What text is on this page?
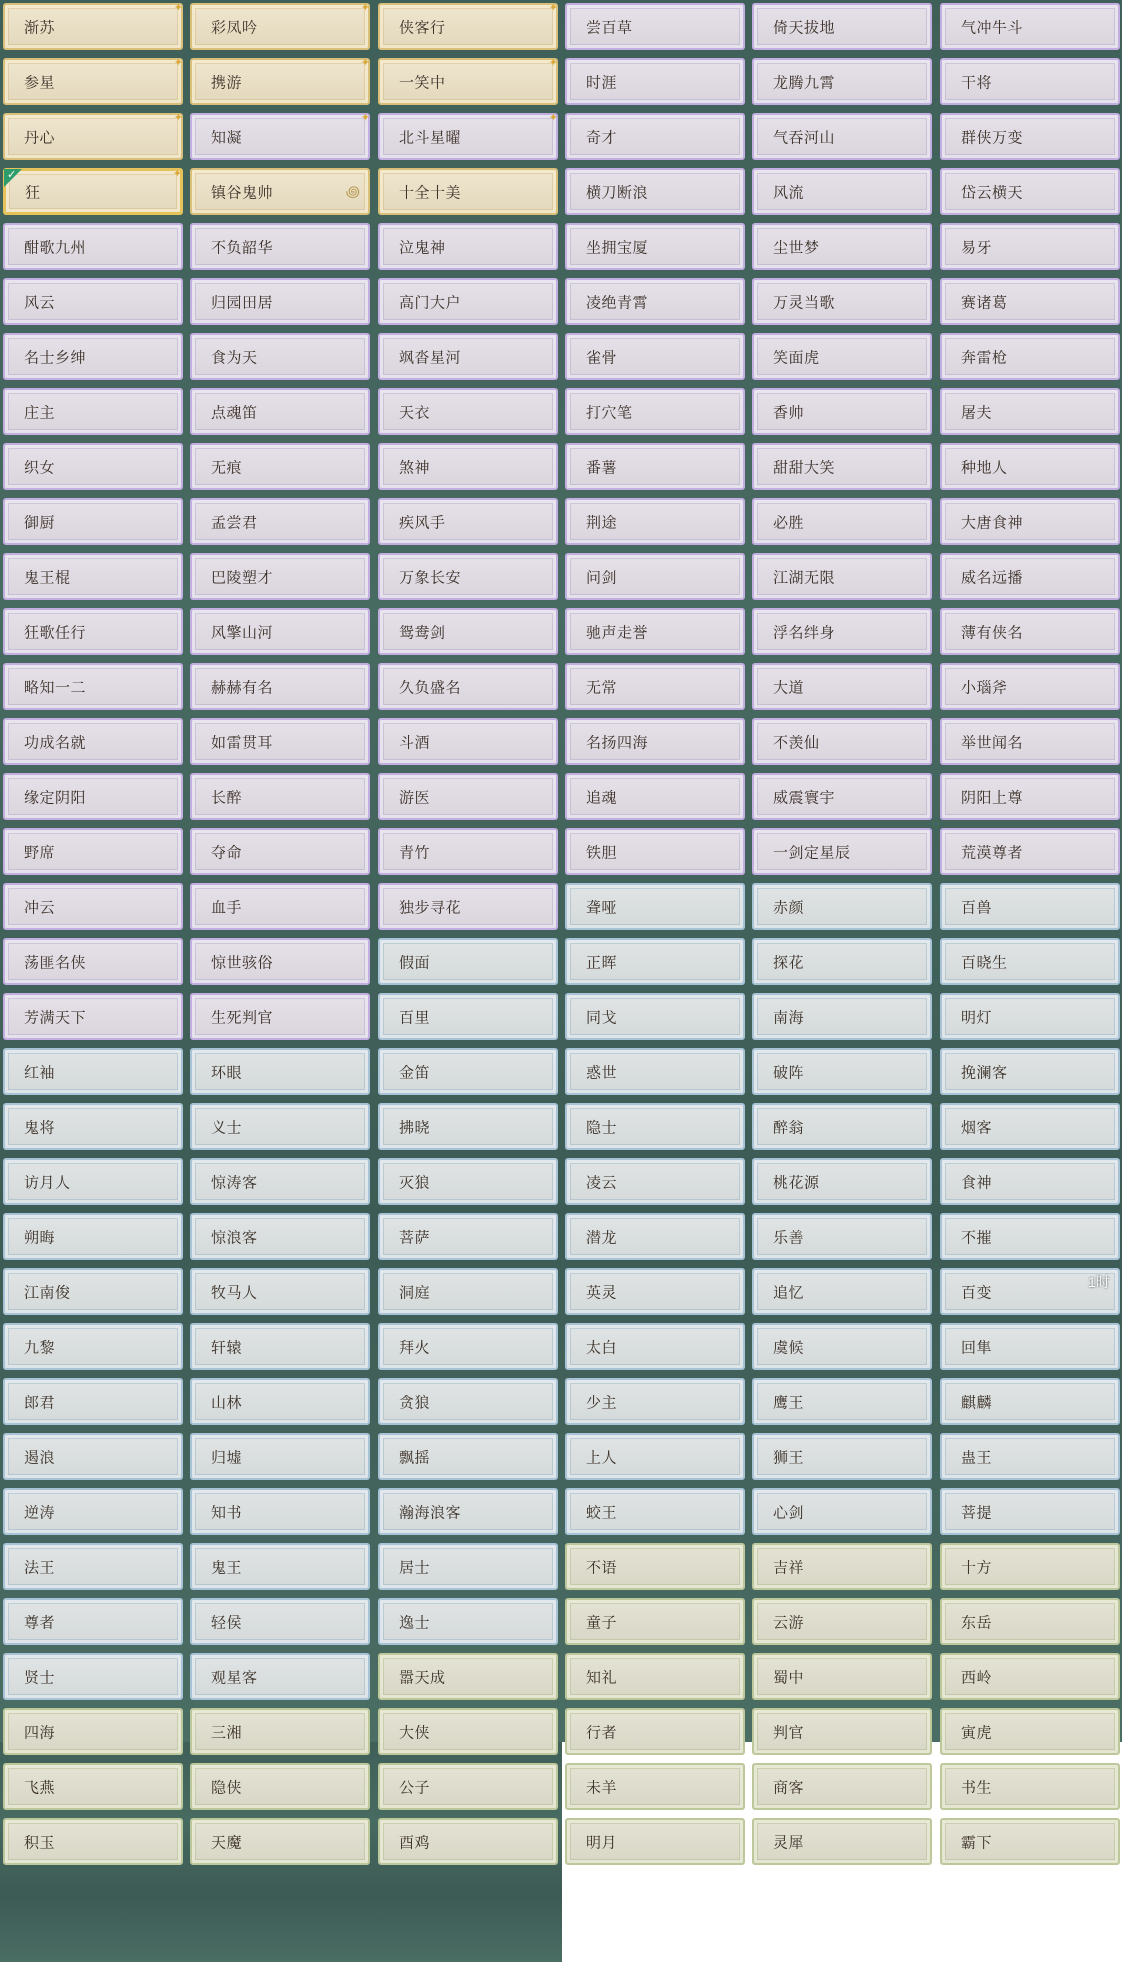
渐苏
✦
彩凤吟
✦
侠客行
✦
尝百草	倚天拔地	气冲牛斗
参星
✦
携游
✦
一笑中
✦
时涯	龙腾九霄	干将
丹心
✦
知凝
✦
北斗星曜
✦
奇才	气吞河山	群侠万变
狂
✦
✓
镇谷鬼帅	꩜	十全十美	横刀断浪	风流	岱云横天
酣歌九州	不负韶华	泣鬼神	坐拥宝厦	尘世梦	易牙
风云	归园田居	高门大户	凌绝青霄	万灵当歌	赛诸葛
名士乡绅	食为天	飒沓星河	雀骨	笑面虎	奔雷枪
庄主	点魂笛	天衣	打穴笔	香帅	屠夫
织女	无痕	煞神	番薯	甜甜大笑	种地人
御厨	孟尝君	疾风手	荆途	必胜	大唐食神
鬼王棍	巴陵塑才	万象长安	问剑	江湖无限	威名远播
狂歌任行	风擎山河	鸳鸯剑	驰声走誉	浮名绊身	薄有侠名
略知一二	赫赫有名	久负盛名	无常	大道	小瑙斧
功成名就	如雷贯耳	斗酒	名扬四海	不羡仙	举世闻名
缘定阴阳	长醉	游医	追魂	威震寰宇	阴阳上尊
野席	夺命	青竹	铁胆	一剑定星辰	荒漠尊者
冲云	血手	独步寻花	聋哑	赤颜	百兽
荡匪名侠	惊世骇俗	假面	正晖	探花	百晓生
芳满天下	生死判官	百里	同戈	南海	明灯
红袖	环眼	金笛	惑世	破阵	挽澜客
鬼将	义士	拂晓	隐士	醉翁	烟客
访月人	惊涛客	灭狼	凌云	桃花源	食神
朔晦	惊浪客	菩萨	潜龙	乐善	不摧
江南俊	牧马人	洞庭	英灵	追忆	百变
九黎	轩辕	拜火	太白	虞候	回隼
郎君	山林	贪狼	少主	鹰王	麒麟
遏浪	归墟	飘摇	上人	狮王	蛊王
逆涛	知书	瀚海浪客	蛟王	心剑	菩提
法王	鬼王	居士	不语	吉祥	十方
尊者	轻侯	逸士	童子	云游	东岳
贤士	观星客	嚣天成	知礼	蜀中	西岭
四海	三湘	大侠	行者	判官	寅虎
飞燕	隐侠	公子	未羊	商客	书生
积玉	天魔	酉鸡	明月	灵犀	霸下
1时
